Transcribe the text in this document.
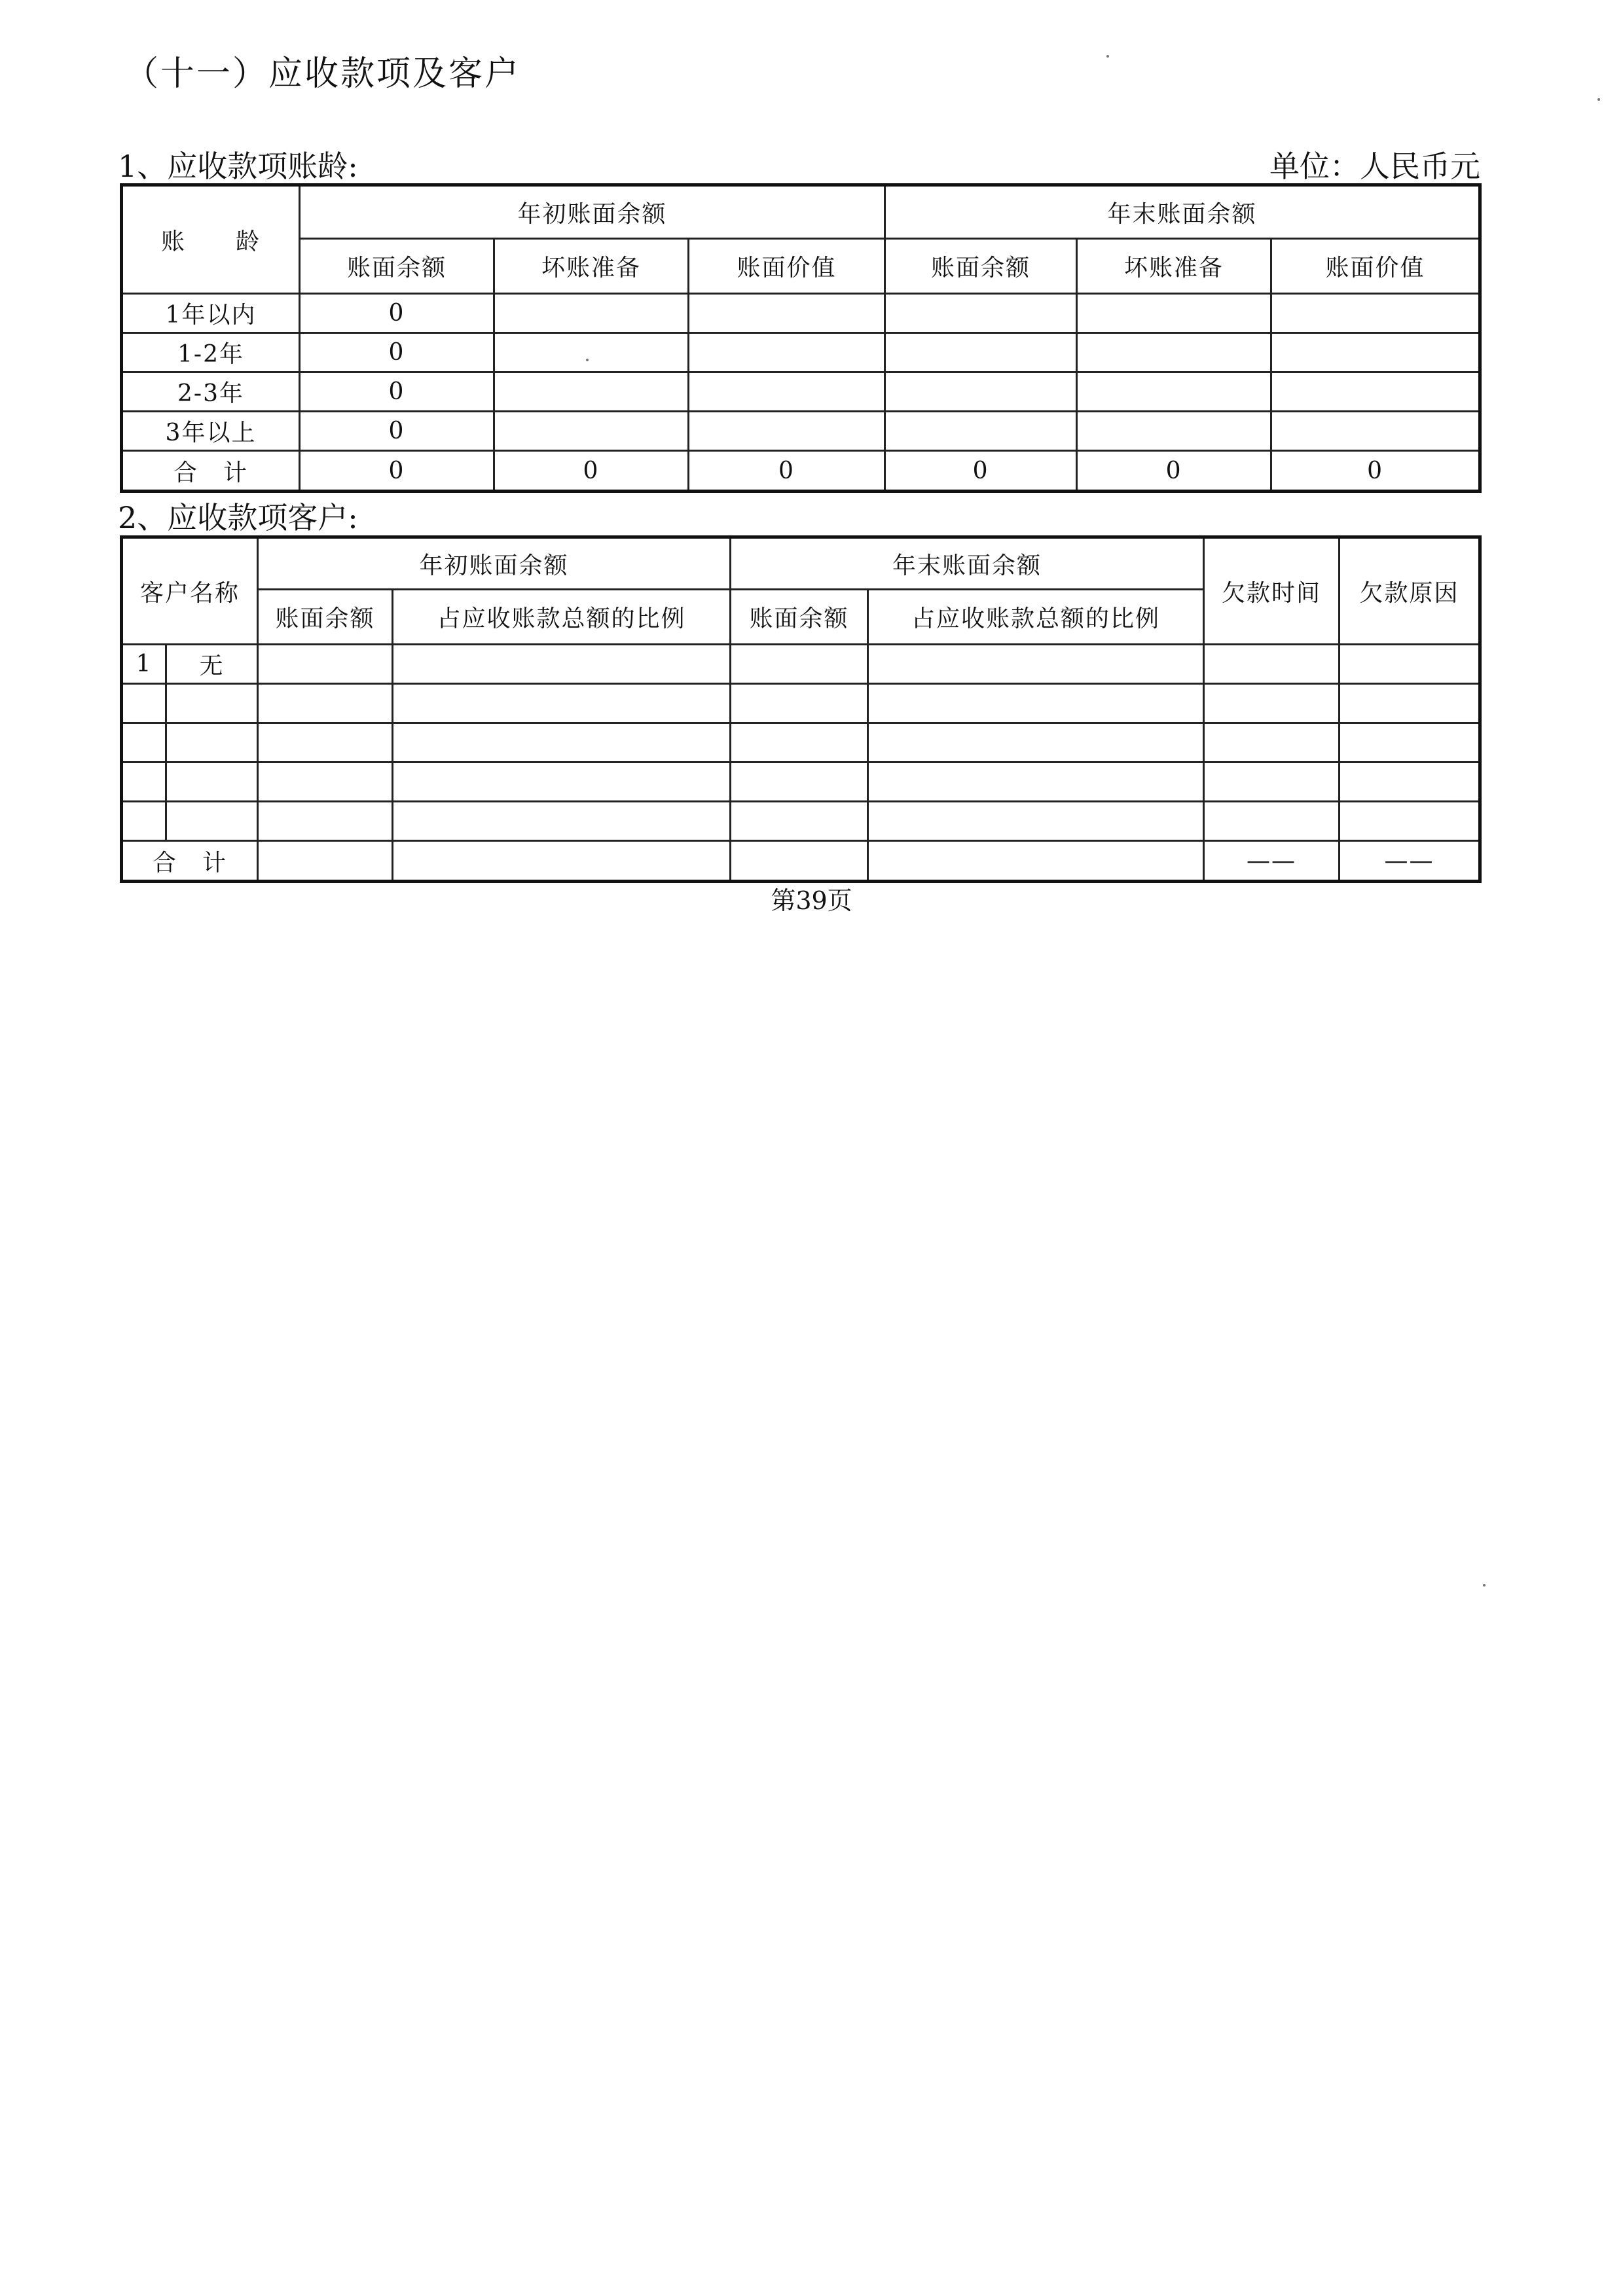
（十一）应收款项及客户
1、应收款项账龄:	单位：人民币元
账　　龄	年初账面余额			年末账面余额		
	账面余额	坏账准备	账面价值	账面余额	坏账准备	账面价值
1年以内	0					
1-2年	0					
2-3年	0					
3年以上	0					
合　计	0	0	0	0	0	0
2、应收款项客户:
客户名称		年初账面余额		年末账面余额		欠款时间	欠款原因
		账面余额	占应收账款总额的比例	账面余额	占应收账款总额的比例		
1	无						

合　计						——	——
第39页
